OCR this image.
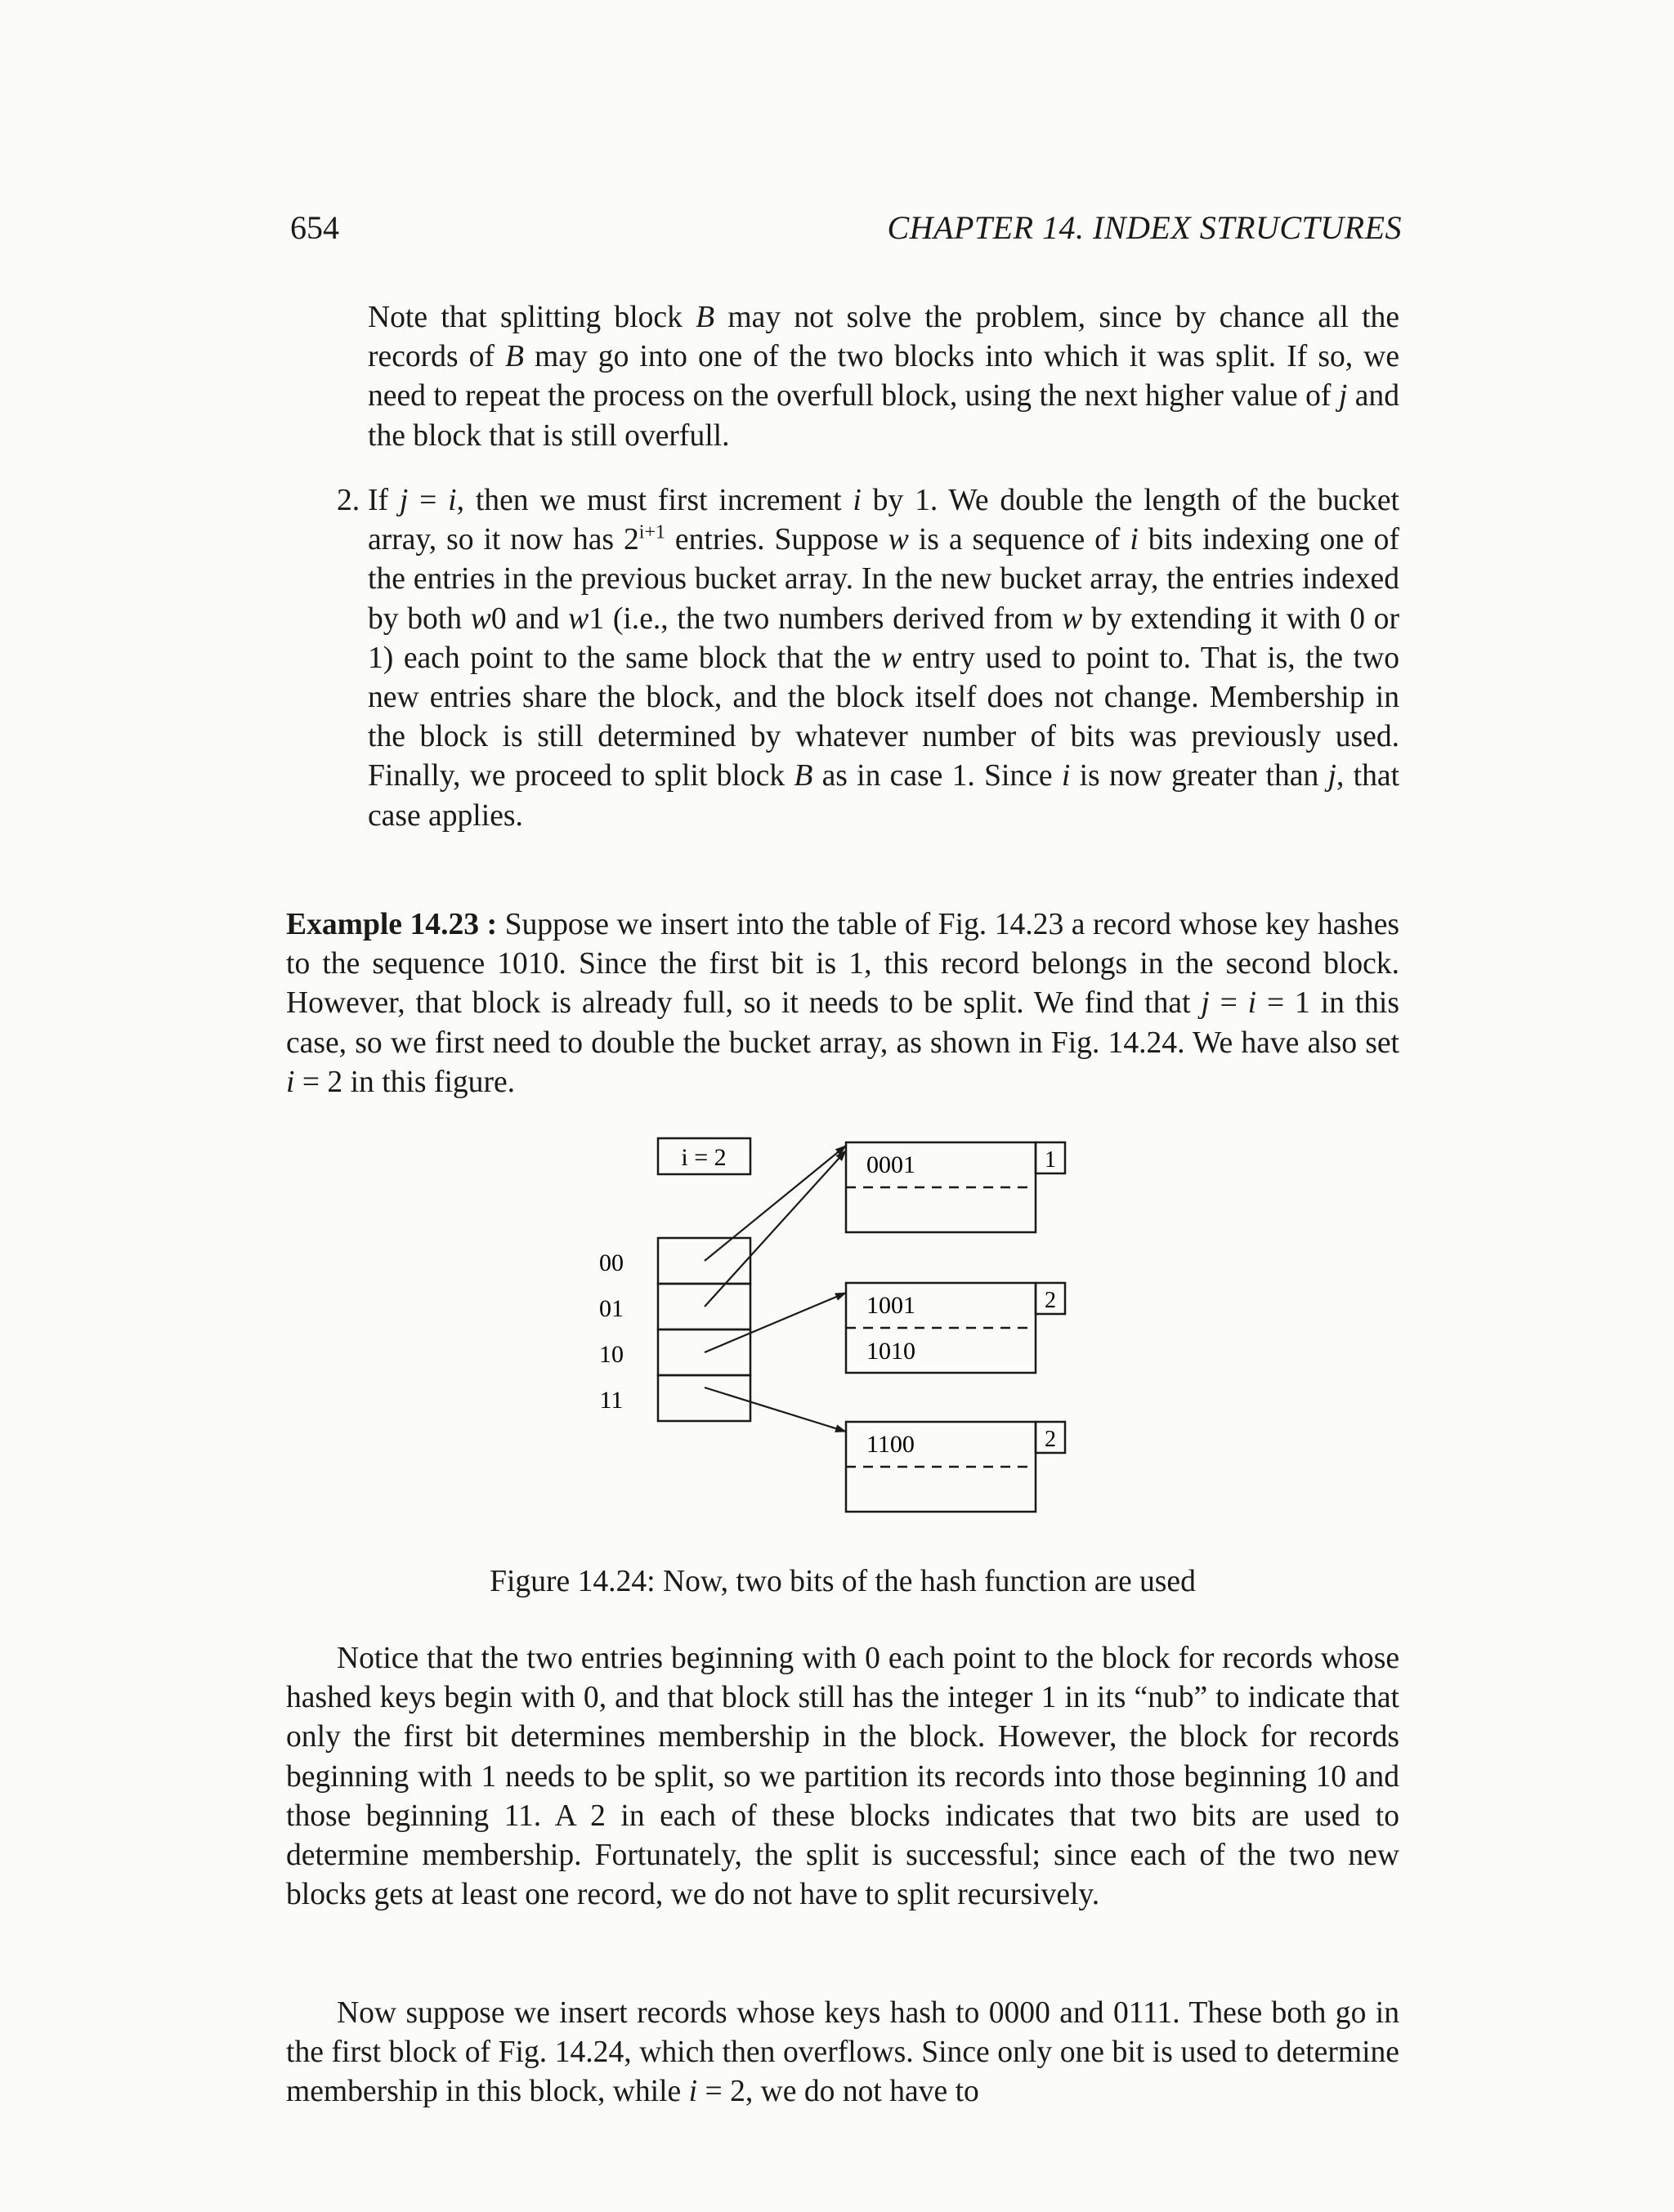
654	CHAPTER 14. INDEX STRUCTURES

Note that splitting block B may not solve the problem, since by chance all the records of B may go into one of the two blocks into which it was split. If so, we need to repeat the process on the overfull block, using the next higher value of j and the block that is still overfull.

2. If j = i, then we must first increment i by 1. We double the length of the bucket array, so it now has $2^{i+1}$ entries. Suppose w is a sequence of i bits indexing one of the entries in the previous bucket array. In the new bucket array, the entries indexed by both w0 and w1 (i.e., the two numbers derived from w by extending it with 0 or 1) each point to the same block that the w entry used to point to. That is, the two new entries share the block, and the block itself does not change. Membership in the block is still determined by whatever number of bits was previously used. Finally, we proceed to split block B as in case 1. Since i is now greater than j, that case applies.

Example 14.23 : Suppose we insert into the table of Fig. 14.23 a record whose key hashes to the sequence 1010. Since the first bit is 1, this record belongs in the second block. However, that block is already full, so it needs to be split. We find that j = i = 1 in this case, so we first need to double the bucket array, as shown in Fig. 14.24. We have also set i = 2 in this figure.

i = 2
00
01
10
11
0001	1
1001
1010
2
1100	2
Figure 14.24: Now, two bits of the hash function are used

Notice that the two entries beginning with 0 each point to the block for records whose hashed keys begin with 0, and that block still has the integer 1 in its “nub” to indicate that only the first bit determines membership in the block. However, the block for records beginning with 1 needs to be split, so we partition its records into those beginning 10 and those beginning 11. A 2 in each of these blocks indicates that two bits are used to determine membership. Fortunately, the split is successful; since each of the two new blocks gets at least one record, we do not have to split recursively.

Now suppose we insert records whose keys hash to 0000 and 0111. These both go in the first block of Fig. 14.24, which then overflows. Since only one bit is used to determine membership in this block, while i = 2, we do not have to
